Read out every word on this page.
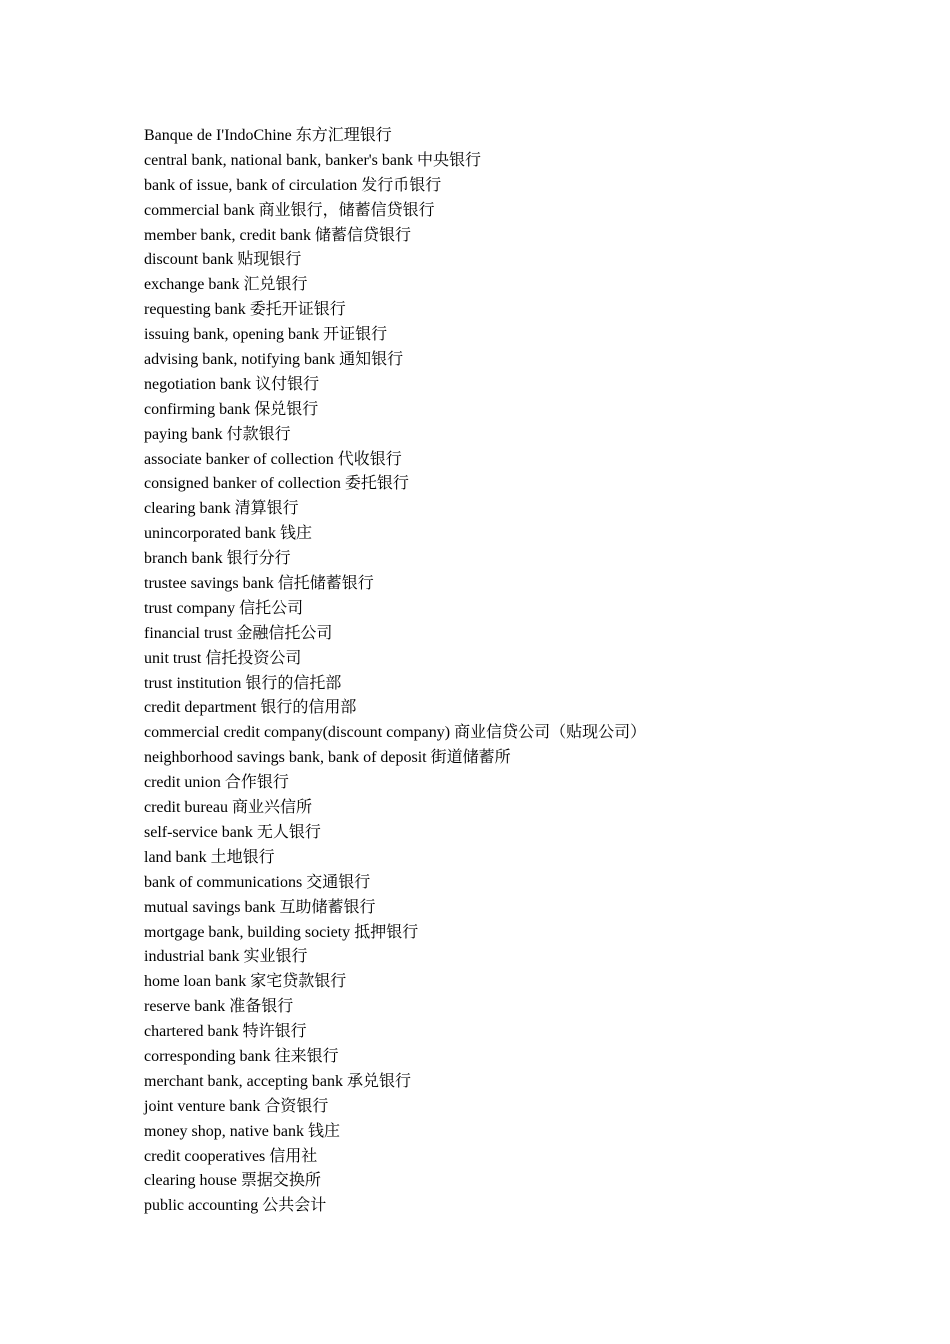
Banque de I'IndoChine 东方汇理银行
central bank, national bank, banker's bank 中央银行
bank of issue, bank of circulation 发行币银行
commercial bank 商业银行，储蓄信贷银行
member bank, credit bank 储蓄信贷银行
discount bank 贴现银行
exchange bank 汇兑银行
requesting bank 委托开证银行
issuing bank, opening bank 开证银行
advising bank, notifying bank 通知银行
negotiation bank 议付银行
confirming bank 保兑银行
paying bank 付款银行
associate banker of collection 代收银行
consigned banker of collection 委托银行
clearing bank 清算银行
unincorporated bank 钱庄
branch bank 银行分行
trustee savings bank 信托储蓄银行
trust company 信托公司
financial trust 金融信托公司
unit trust 信托投资公司
trust institution 银行的信托部
credit department 银行的信用部
commercial credit company(discount company) 商业信贷公司（贴现公司）
neighborhood savings bank, bank of deposit 街道储蓄所
credit union 合作银行
credit bureau 商业兴信所
self-service bank 无人银行
land bank 土地银行
bank of communications 交通银行
mutual savings bank 互助储蓄银行
mortgage bank, building society 抵押银行
industrial bank 实业银行
home loan bank 家宅贷款银行
reserve bank 准备银行
chartered bank 特许银行
corresponding bank 往来银行
merchant bank, accepting bank 承兑银行
joint venture bank 合资银行
money shop, native bank 钱庄
credit cooperatives 信用社
clearing house 票据交换所
public accounting 公共会计
